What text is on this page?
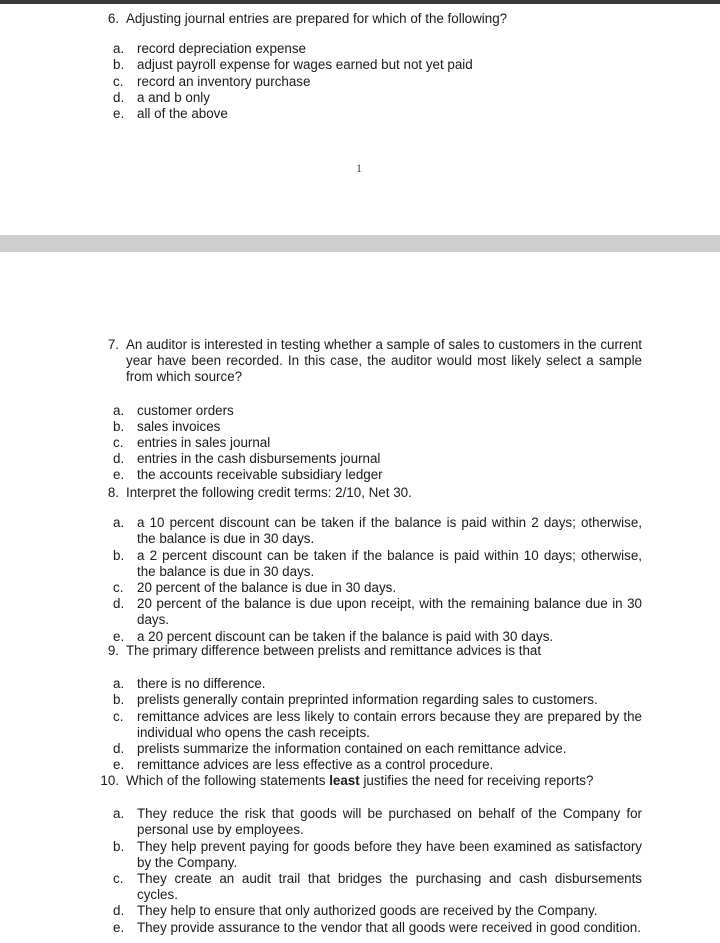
6. Adjusting journal entries are prepared for which of the following?
a. record depreciation expense
b. adjust payroll expense for wages earned but not yet paid
c.	record an inventory purchase
d. a and b only
e. all of the above
1
7. An auditor is interested in testing whether a sample of sales to customers in the current year have been recorded. In this case, the auditor would most likely select a sample from which source?
a. customer orders
b. sales invoices
c.	entries in sales journal
d. entries in the cash disbursements journal
e. the accounts receivable subsidiary ledger
8. Interpret the following credit terms: 2/10, Net 30.
a. a 10 percent discount can be taken if the balance is paid within 2 days; otherwise, the balance is due in 30 days.
b. a 2 percent discount can be taken if the balance is paid within 10 days; otherwise, the balance is due in 30 days.
c.	20 percent of the balance is due in 30 days.
d. 20 percent of the balance is due upon receipt, with the remaining balance due in 30 days.
e. a 20 percent discount can be taken if the balance is paid with 30 days.
9. The primary difference between prelists and remittance advices is that
a. there is no difference.
b. prelists generally contain preprinted information regarding sales to customers.
c.	remittance advices are less likely to contain errors because they are prepared by the individual who opens the cash receipts.
d. prelists summarize the information contained on each remittance advice.
e. remittance advices are less effective as a control procedure.
10. Which of the following statements least justifies the need for receiving reports?
a. They reduce the risk that goods will be purchased on behalf of the Company for personal use by employees.
b. They help prevent paying for goods before they have been examined as satisfactory by the Company.
c.	They create an audit trail that bridges the purchasing and cash disbursements cycles.
d. They help to ensure that only authorized goods are received by the Company.
e. They provide assurance to the vendor that all goods were received in good condition.
